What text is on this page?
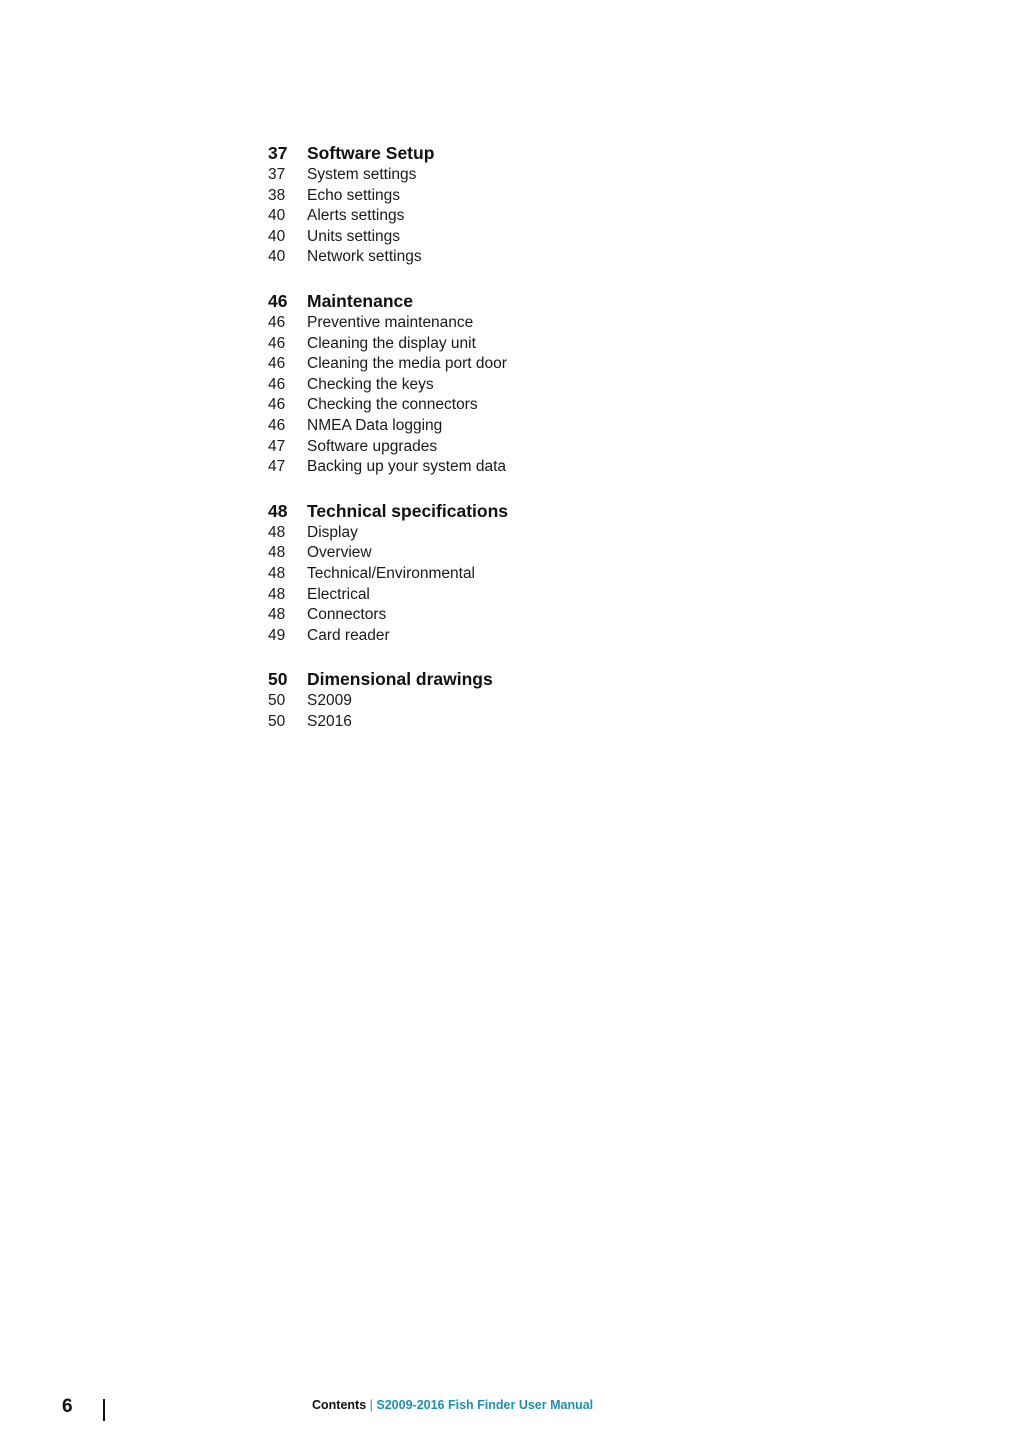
37	Software Setup
37	System settings
38	Echo settings
40	Alerts settings
40	Units settings
40	Network settings
46	Maintenance
46	Preventive maintenance
46	Cleaning the display unit
46	Cleaning the media port door
46	Checking the keys
46	Checking the connectors
46	NMEA Data logging
47	Software upgrades
47	Backing up your system data
48	Technical specifications
48	Display
48	Overview
48	Technical/Environmental
48	Electrical
48	Connectors
49	Card reader
50	Dimensional drawings
50	S2009
50	S2016
6	Contents | S2009-2016 Fish Finder User Manual
